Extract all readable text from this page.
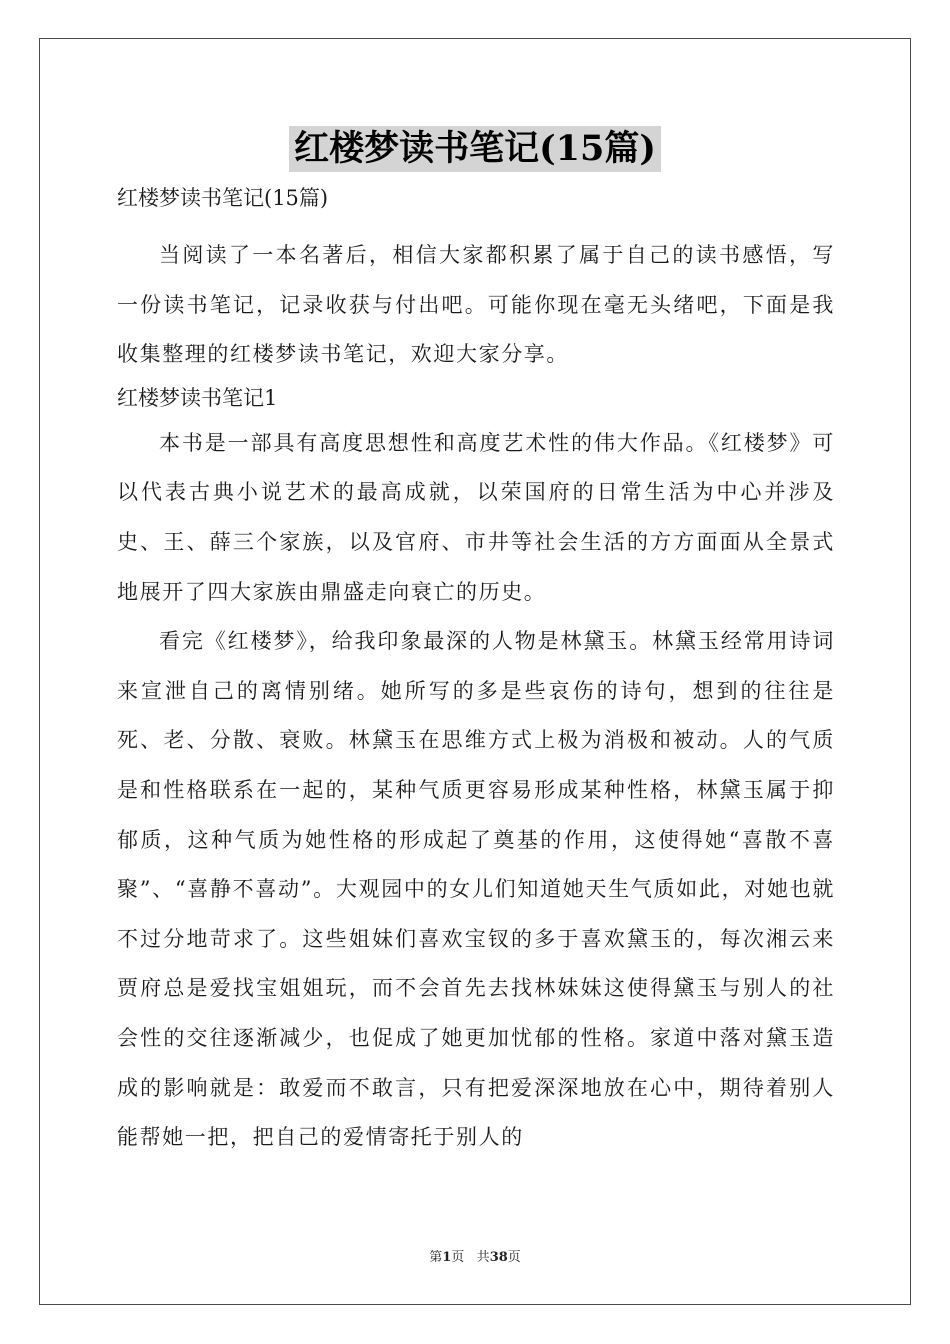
红楼梦读书笔记(15篇)

红楼梦读书笔记(15篇)

当阅读了一本名著后，相信大家都积累了属于自己的读书感悟，写一份读书笔记，记录收获与付出吧。可能你现在毫无头绪吧，下面是我收集整理的红楼梦读书笔记，欢迎大家分享。

红楼梦读书笔记1

本书是一部具有高度思想性和高度艺术性的伟大作品。《红楼梦》可以代表古典小说艺术的最高成就，以荣国府的日常生活为中心并涉及史、王、薛三个家族，以及官府、市井等社会生活的方方面面从全景式地展开了四大家族由鼎盛走向衰亡的历史。

看完《红楼梦》，给我印象最深的人物是林黛玉。林黛玉经常用诗词来宣泄自己的离情别绪。她所写的多是些哀伤的诗句，想到的往往是死、老、分散、衰败。林黛玉在思维方式上极为消极和被动。人的气质是和性格联系在一起的，某种气质更容易形成某种性格，林黛玉属于抑郁质，这种气质为她性格的形成起了奠基的作用，这使得她“喜散不喜聚”、“喜静不喜动”。大观园中的女儿们知道她天生气质如此，对她也就不过分地苛求了。这些姐妹们喜欢宝钗的多于喜欢黛玉的，每次湘云来贾府总是爱找宝姐姐玩，而不会首先去找林妹妹这使得黛玉与别人的社会性的交往逐渐减少，也促成了她更加忧郁的性格。家道中落对黛玉造成的影响就是：敢爱而不敢言，只有把爱深深地放在心中，期待着别人能帮她一把，把自己的爱情寄托于别人的

第1页 共38页
